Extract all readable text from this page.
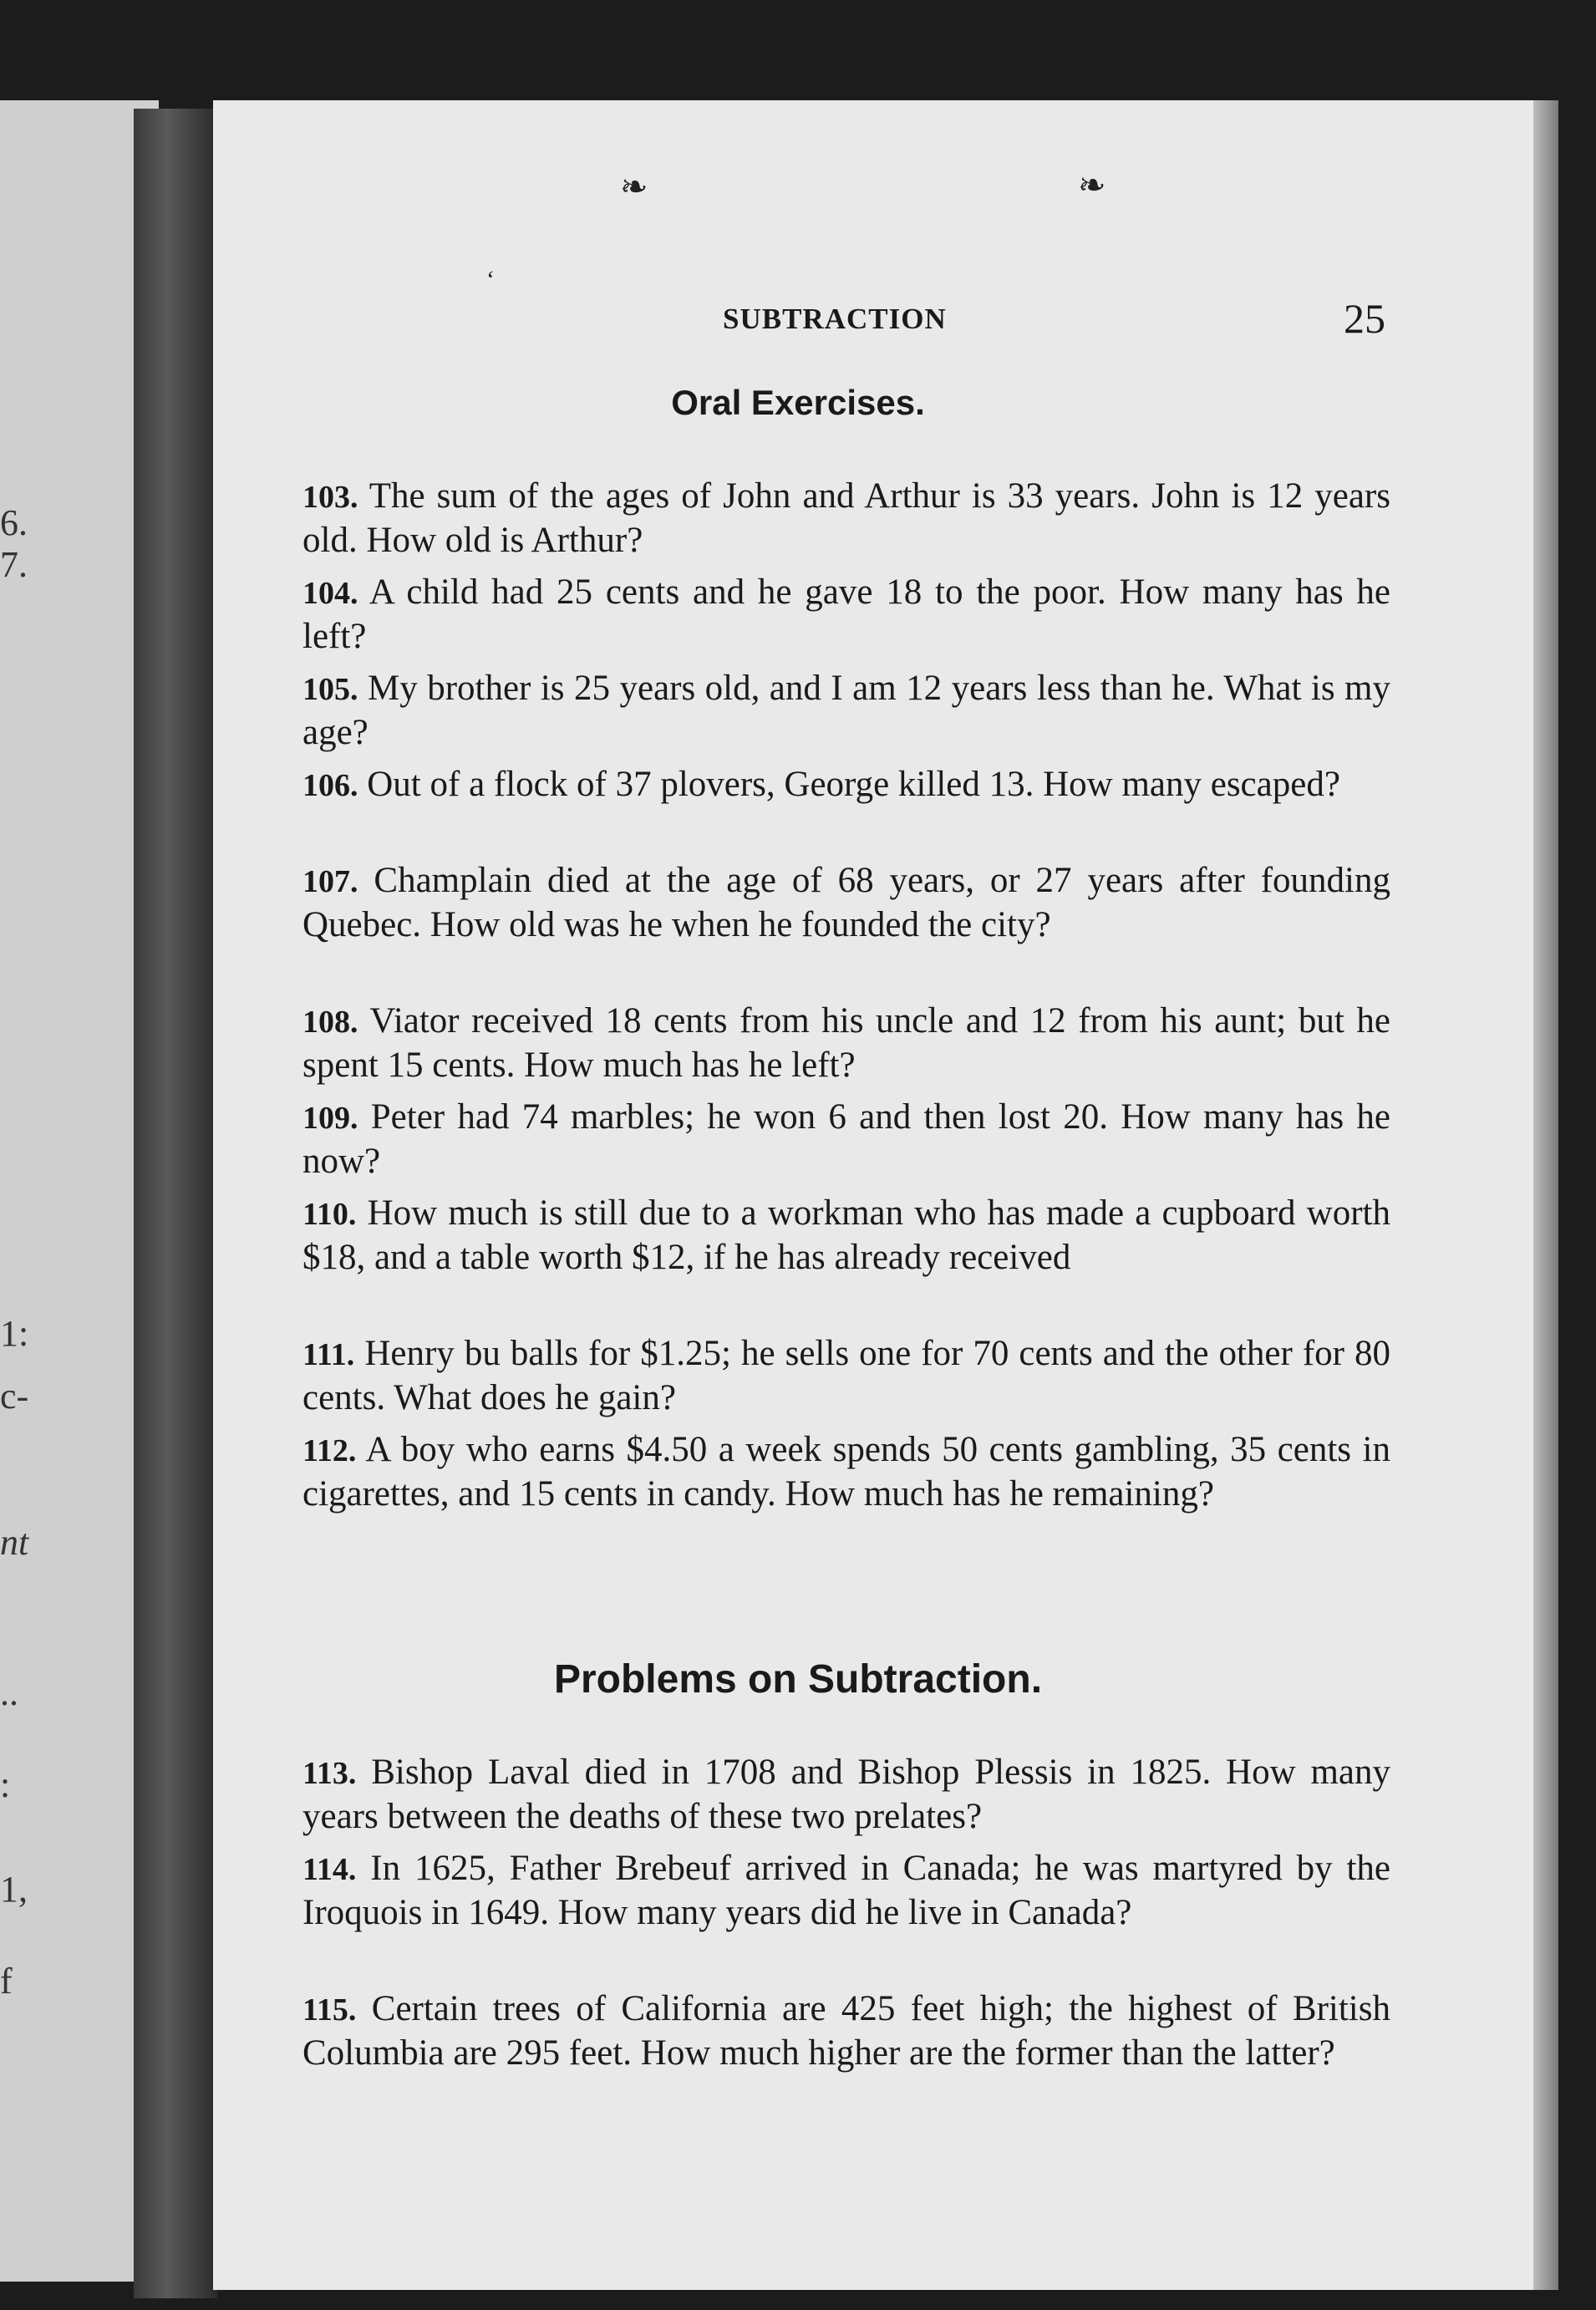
6.
7.
1:
c-
nt
..
:
1,
f
❧	❧
‘
SUBTRACTION	25
Oral Exercises.
103. The sum of the ages of John and Arthur is 33 years. John is 12 years old. How old is Arthur?
104. A child had 25 cents and he gave 18 to the poor. How many has he left?
105. My brother is 25 years old, and I am 12 years less than he. What is my age?
106. Out of a flock of 37 plovers, George killed 13. How many escaped?
107. Champlain died at the age of 68 years, or 27 years after founding Quebec. How old was he when he founded the city?
108. Viator received 18 cents from his uncle and 12 from his aunt; but he spent 15 cents. How much has he left?
109. Peter had 74 marbles; he won 6 and then lost 20. How many has he now?
110. How much is still due to a workman who has made a cupboard worth $18, and a table worth $12, if he has already received
111. Henry bu balls for $1.25; he sells one for 70 cents and the other for 80 cents. What does he gain?
112. A boy who earns $4.50 a week spends 50 cents gambling, 35 cents in cigarettes, and 15 cents in candy. How much has he remaining?
Problems on Subtraction.
113. Bishop Laval died in 1708 and Bishop Plessis in 1825. How many years between the deaths of these two prelates?
114. In 1625, Father Brebeuf arrived in Canada; he was martyred by the Iroquois in 1649. How many years did he live in Canada?
115. Certain trees of California are 425 feet high; the highest of British Columbia are 295 feet. How much higher are the former than the latter?
